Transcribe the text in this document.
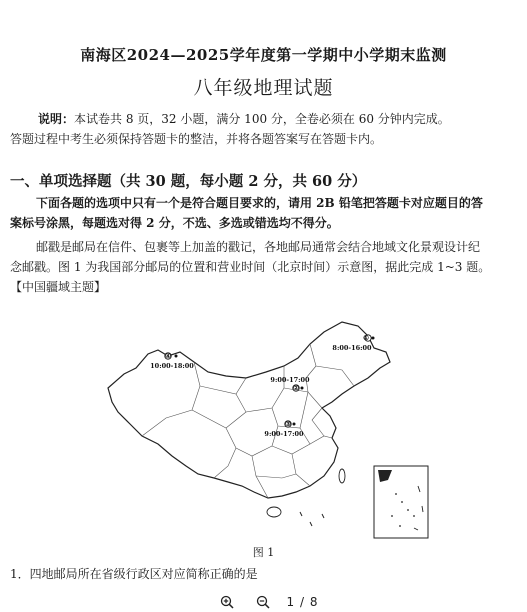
南海区2024—2025学年度第一学期中小学期末监测
八年级地理试题
说明：本试卷共 8 页，32 小题，满分 100 分，全卷必须在 60 分钟内完成。
答题过程中考生必须保持答题卡的整洁，并将各题答案写在答题卡内。
一、单项选择题（共 30 题，每小题 2 分，共 60 分）
下面各题的选项中只有一个是符合题目要求的，请用 2B 铅笔把答题卡对应题目的答
案标号涂黑，每题选对得 2 分，不选、多选或错选均不得分。
邮戳是邮局在信件、包裹等上加盖的戳记，各地邮局通常会结合地域文化景观设计纪
念邮戳。图 1 为我国部分邮局的位置和营业时间（北京时间）示意图，据此完成 1~3 题。
【中国疆域主题】
①
8:00-16:00
②
9:00-17:00
③
9:00-17:00
④
10:00-18:00
图 1
1．四地邮局所在省级行政区对应简称正确的是
1 / 8
